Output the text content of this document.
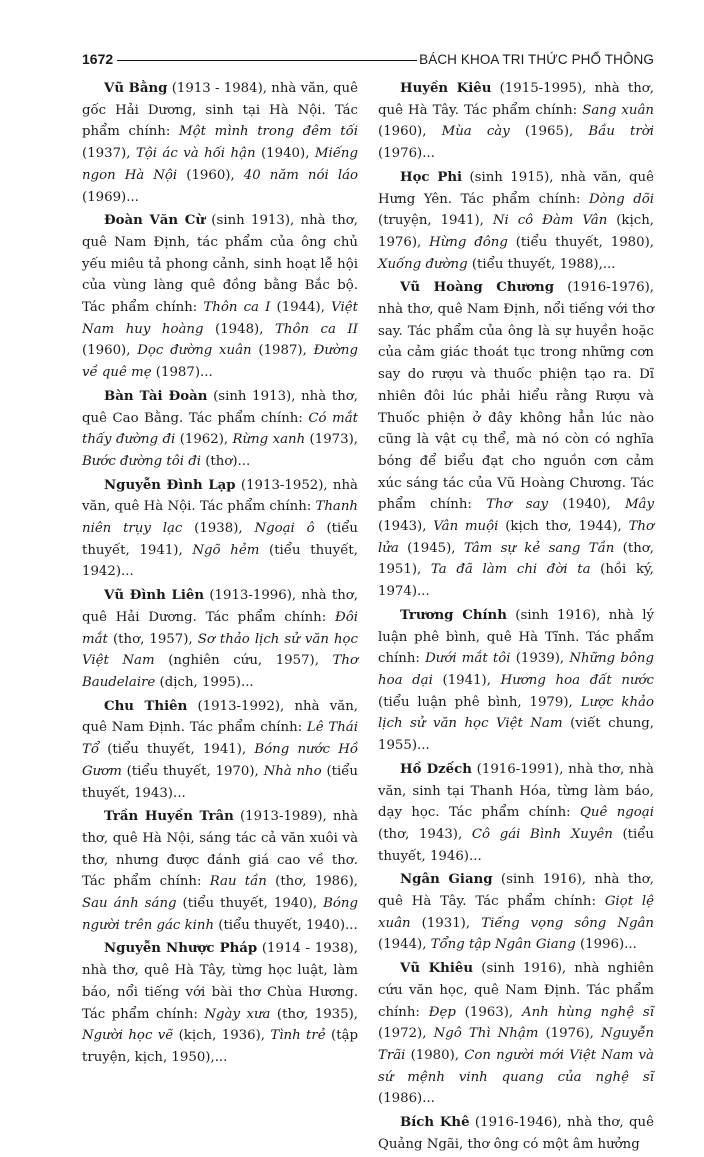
1672	BÁCH KHOA TRI THỨC PHỔ THÔNG

Vũ Bằng (1913 - 1984), nhà văn, quê gốc Hải Dương, sinh tại Hà Nội. Tác phẩm chính: Một mình trong đêm tối (1937), Tội ác và hối hận (1940), Miếng ngon Hà Nội (1960), 40 năm nói láo (1969)...

Đoàn Văn Cừ (sinh 1913), nhà thơ, quê Nam Định, tác phẩm của ông chủ yếu miêu tả phong cảnh, sinh hoạt lễ hội của vùng làng quê đồng bằng Bắc bộ. Tác phẩm chính: Thôn ca I (1944), Việt Nam huy hoàng (1948), Thôn ca II (1960), Dọc đường xuân (1987), Đường về quê mẹ (1987)...

Bàn Tài Đoàn (sinh 1913), nhà thơ, quê Cao Bằng. Tác phẩm chính: Có mắt thấy đường đi (1962), Rừng xanh (1973), Bước đường tôi đi (thơ)...

Nguyễn Đình Lạp (1913-1952), nhà văn, quê Hà Nội. Tác phẩm chính: Thanh niên trụy lạc (1938), Ngoại ô (tiểu thuyết, 1941), Ngõ hẻm (tiểu thuyết, 1942)...

Vũ Đình Liên (1913-1996), nhà thơ, quê Hải Dương. Tác phẩm chính: Đôi mắt (thơ, 1957), Sơ thảo lịch sử văn học Việt Nam (nghiên cứu, 1957), Thơ Baudelaire (dịch, 1995)...

Chu Thiên (1913-1992), nhà văn, quê Nam Định. Tác phẩm chính: Lê Thái Tổ (tiểu thuyết, 1941), Bóng nước Hồ Gươm (tiểu thuyết, 1970), Nhà nho (tiểu thuyết, 1943)...

Trần Huyền Trân (1913-1989), nhà thơ, quê Hà Nội, sáng tác cả văn xuôi và thơ, nhưng được đánh giá cao về thơ. Tác phẩm chính: Rau tần (thơ, 1986), Sau ánh sáng (tiểu thuyết, 1940), Bóng người trên gác kinh (tiểu thuyết, 1940)...

Nguyễn Nhược Pháp (1914 - 1938), nhà thơ, quê Hà Tây, từng học luật, làm báo, nổi tiếng với bài thơ Chùa Hương. Tác phẩm chính: Ngày xưa (thơ, 1935), Người học vẽ (kịch, 1936), Tình trẻ (tập truyện, kịch, 1950),...

Huyền Kiêu (1915-1995), nhà thơ, quê Hà Tây. Tác phẩm chính: Sang xuân (1960), Mùa cày (1965), Bầu trời (1976)...

Học Phi (sinh 1915), nhà văn, quê Hưng Yên. Tác phẩm chính: Dòng dõi (truyện, 1941), Ni cô Đàm Vân (kịch, 1976), Hừng đông (tiểu thuyết, 1980), Xuống đường (tiểu thuyết, 1988),...

Vũ Hoàng Chương (1916-1976), nhà thơ, quê Nam Định, nổi tiếng với thơ say. Tác phẩm của ông là sự huyền hoặc của cảm giác thoát tục trong những cơn say do rượu và thuốc phiện tạo ra. Dĩ nhiên đôi lúc phải hiểu rằng Rượu và Thuốc phiện ở đây không hẳn lúc nào cũng là vật cụ thể, mà nó còn có nghĩa bóng để biểu đạt cho nguồn cơn cảm xúc sáng tác của Vũ Hoàng Chương. Tác phẩm chính: Thơ say (1940), Mây (1943), Vân muội (kịch thơ, 1944), Thơ lửa (1945), Tâm sự kẻ sang Tần (thơ, 1951), Ta đã làm chi đời ta (hồi ký, 1974)...

Trương Chính (sinh 1916), nhà lý luận phê bình, quê Hà Tĩnh. Tác phẩm chính: Dưới mắt tôi (1939), Những bông hoa dại (1941), Hương hoa đất nước (tiểu luận phê bình, 1979), Lược khảo lịch sử văn học Việt Nam (viết chung, 1955)...

Hồ Dzếch (1916-1991), nhà thơ, nhà văn, sinh tại Thanh Hóa, từng làm báo, dạy học. Tác phẩm chính: Quê ngoại (thơ, 1943), Cô gái Bình Xuyên (tiểu thuyết, 1946)...

Ngân Giang (sinh 1916), nhà thơ, quê Hà Tây. Tác phẩm chính: Giọt lệ xuân (1931), Tiếng vọng sông Ngân (1944), Tổng tập Ngân Giang (1996)...

Vũ Khiêu (sinh 1916), nhà nghiên cứu văn học, quê Nam Định. Tác phẩm chính: Đẹp (1963), Anh hùng nghệ sĩ (1972), Ngô Thì Nhậm (1976), Nguyễn Trãi (1980), Con người mới Việt Nam và sứ mệnh vinh quang của nghệ sĩ (1986)...

Bích Khê (1916-1946), nhà thơ, quê Quảng Ngãi, thơ ông có một âm hưởng
